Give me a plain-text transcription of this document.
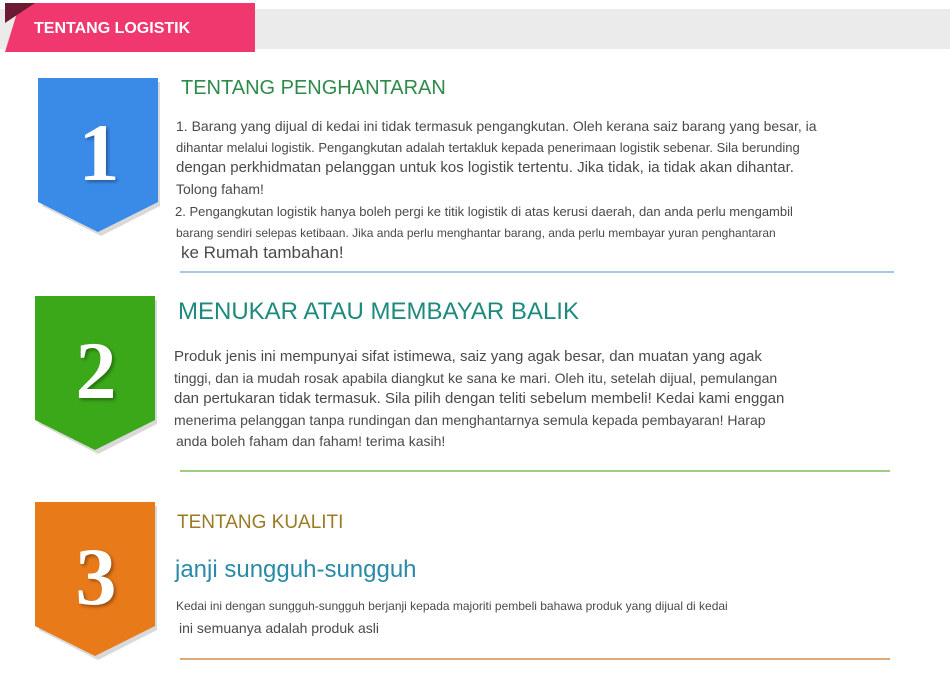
TENTANG LOGISTIK
1
TENTANG PENGHANTARAN
1. Barang yang dijual di kedai ini tidak termasuk pengangkutan. Oleh kerana saiz barang yang besar, ia
dihantar melalui logistik. Pengangkutan adalah tertakluk kepada penerimaan logistik sebenar. Sila berunding
dengan perkhidmatan pelanggan untuk kos logistik tertentu. Jika tidak, ia tidak akan dihantar.
Tolong faham!
2. Pengangkutan logistik hanya boleh pergi ke titik logistik di atas kerusi daerah, dan anda perlu mengambil
barang sendiri selepas ketibaan. Jika anda perlu menghantar barang, anda perlu membayar yuran penghantaran
ke Rumah tambahan!
2
MENUKAR ATAU MEMBAYAR BALIK
Produk jenis ini mempunyai sifat istimewa, saiz yang agak besar, dan muatan yang agak
tinggi, dan ia mudah rosak apabila diangkut ke sana ke mari. Oleh itu, setelah dijual, pemulangan
dan pertukaran tidak termasuk. Sila pilih dengan teliti sebelum membeli! Kedai kami enggan
menerima pelanggan tanpa rundingan dan menghantarnya semula kepada pembayaran! Harap
anda boleh faham dan faham! terima kasih!
3
TENTANG KUALITI
janji sungguh-sungguh
Kedai ini dengan sungguh-sungguh berjanji kepada majoriti pembeli bahawa produk yang dijual di kedai
ini semuanya adalah produk asli
